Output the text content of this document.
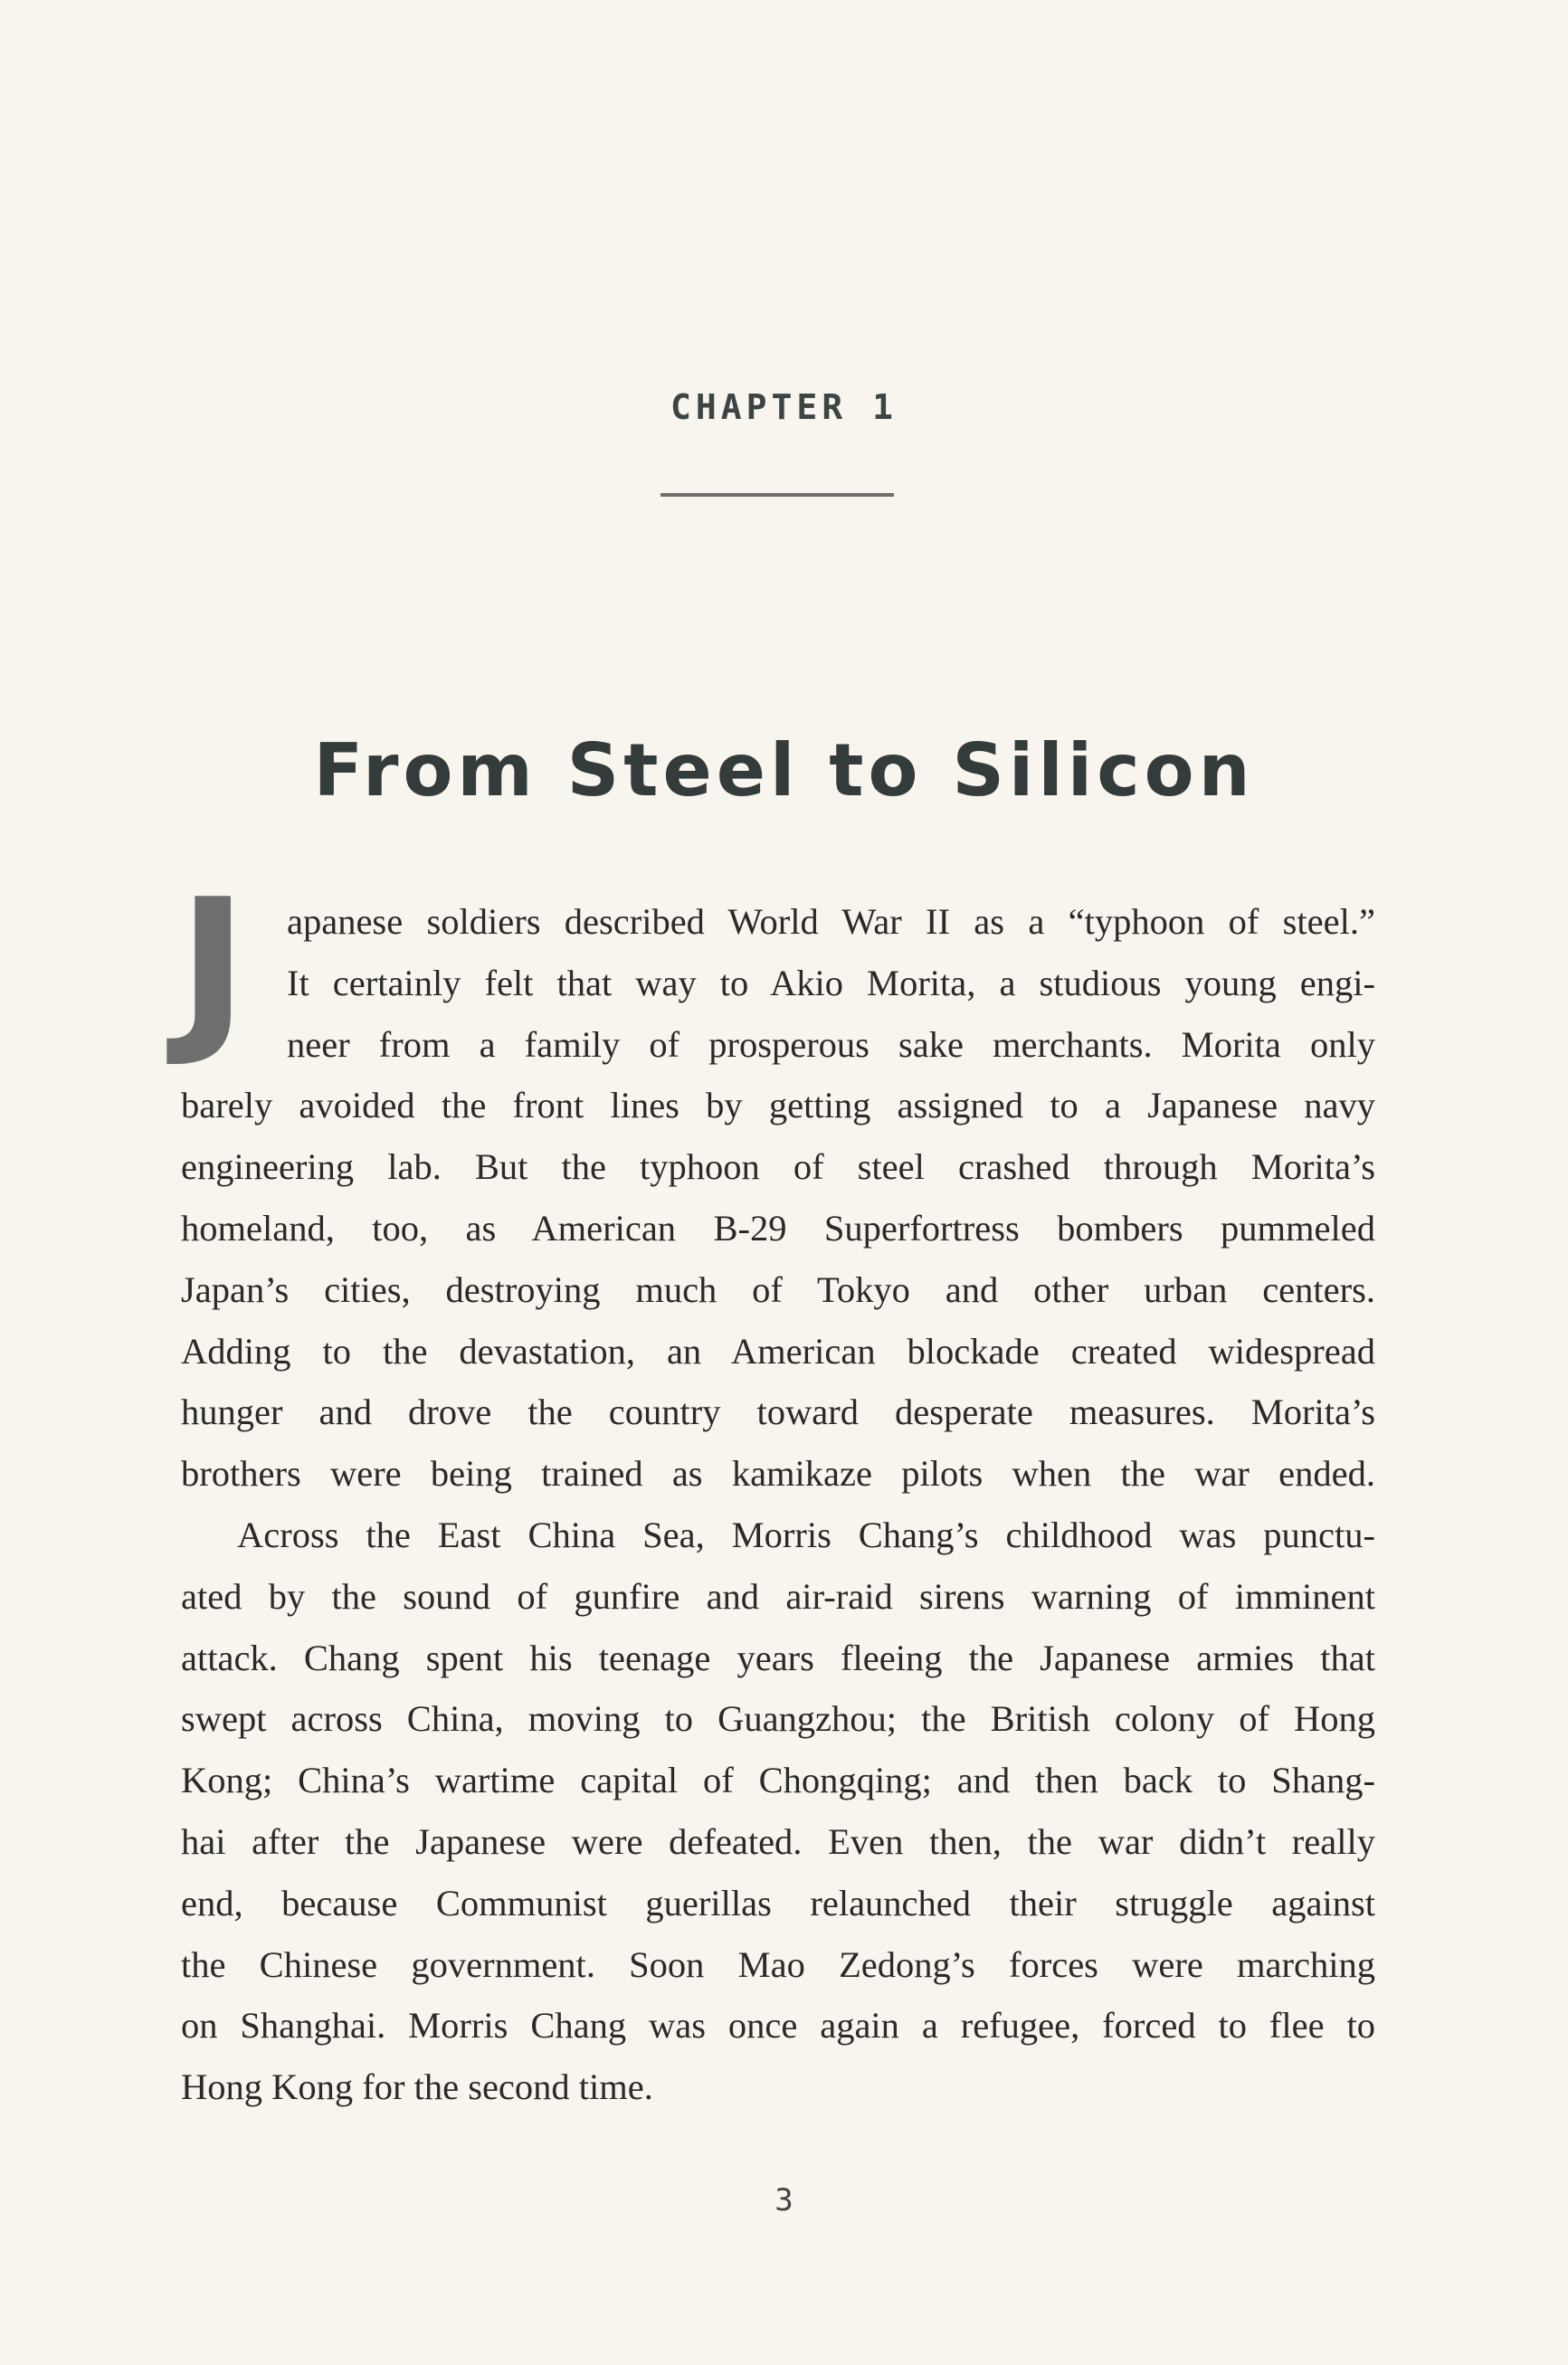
CHAPTER 1
From Steel to Silicon
J apanese soldiers described World War II as a “typhoon of steel.”
It certainly felt that way to Akio Morita, a studious young engi-
neer from a family of prosperous sake merchants. Morita only
barely avoided the front lines by getting assigned to a Japanese navy
engineering lab. But the typhoon of steel crashed through Morita’s
homeland, too, as American B-29 Superfortress bombers pummeled
Japan’s cities, destroying much of Tokyo and other urban centers.
Adding to the devastation, an American blockade created widespread
hunger and drove the country toward desperate measures. Morita’s
brothers were being trained as kamikaze pilots when the war ended.
Across the East China Sea, Morris Chang’s childhood was punctu-
ated by the sound of gunfire and air-raid sirens warning of imminent
attack. Chang spent his teenage years fleeing the Japanese armies that
swept across China, moving to Guangzhou; the British colony of Hong
Kong; China’s wartime capital of Chongqing; and then back to Shang-
hai after the Japanese were defeated. Even then, the war didn’t really
end, because Communist guerillas relaunched their struggle against
the Chinese government. Soon Mao Zedong’s forces were marching
on Shanghai. Morris Chang was once again a refugee, forced to flee to
Hong Kong for the second time.
3
